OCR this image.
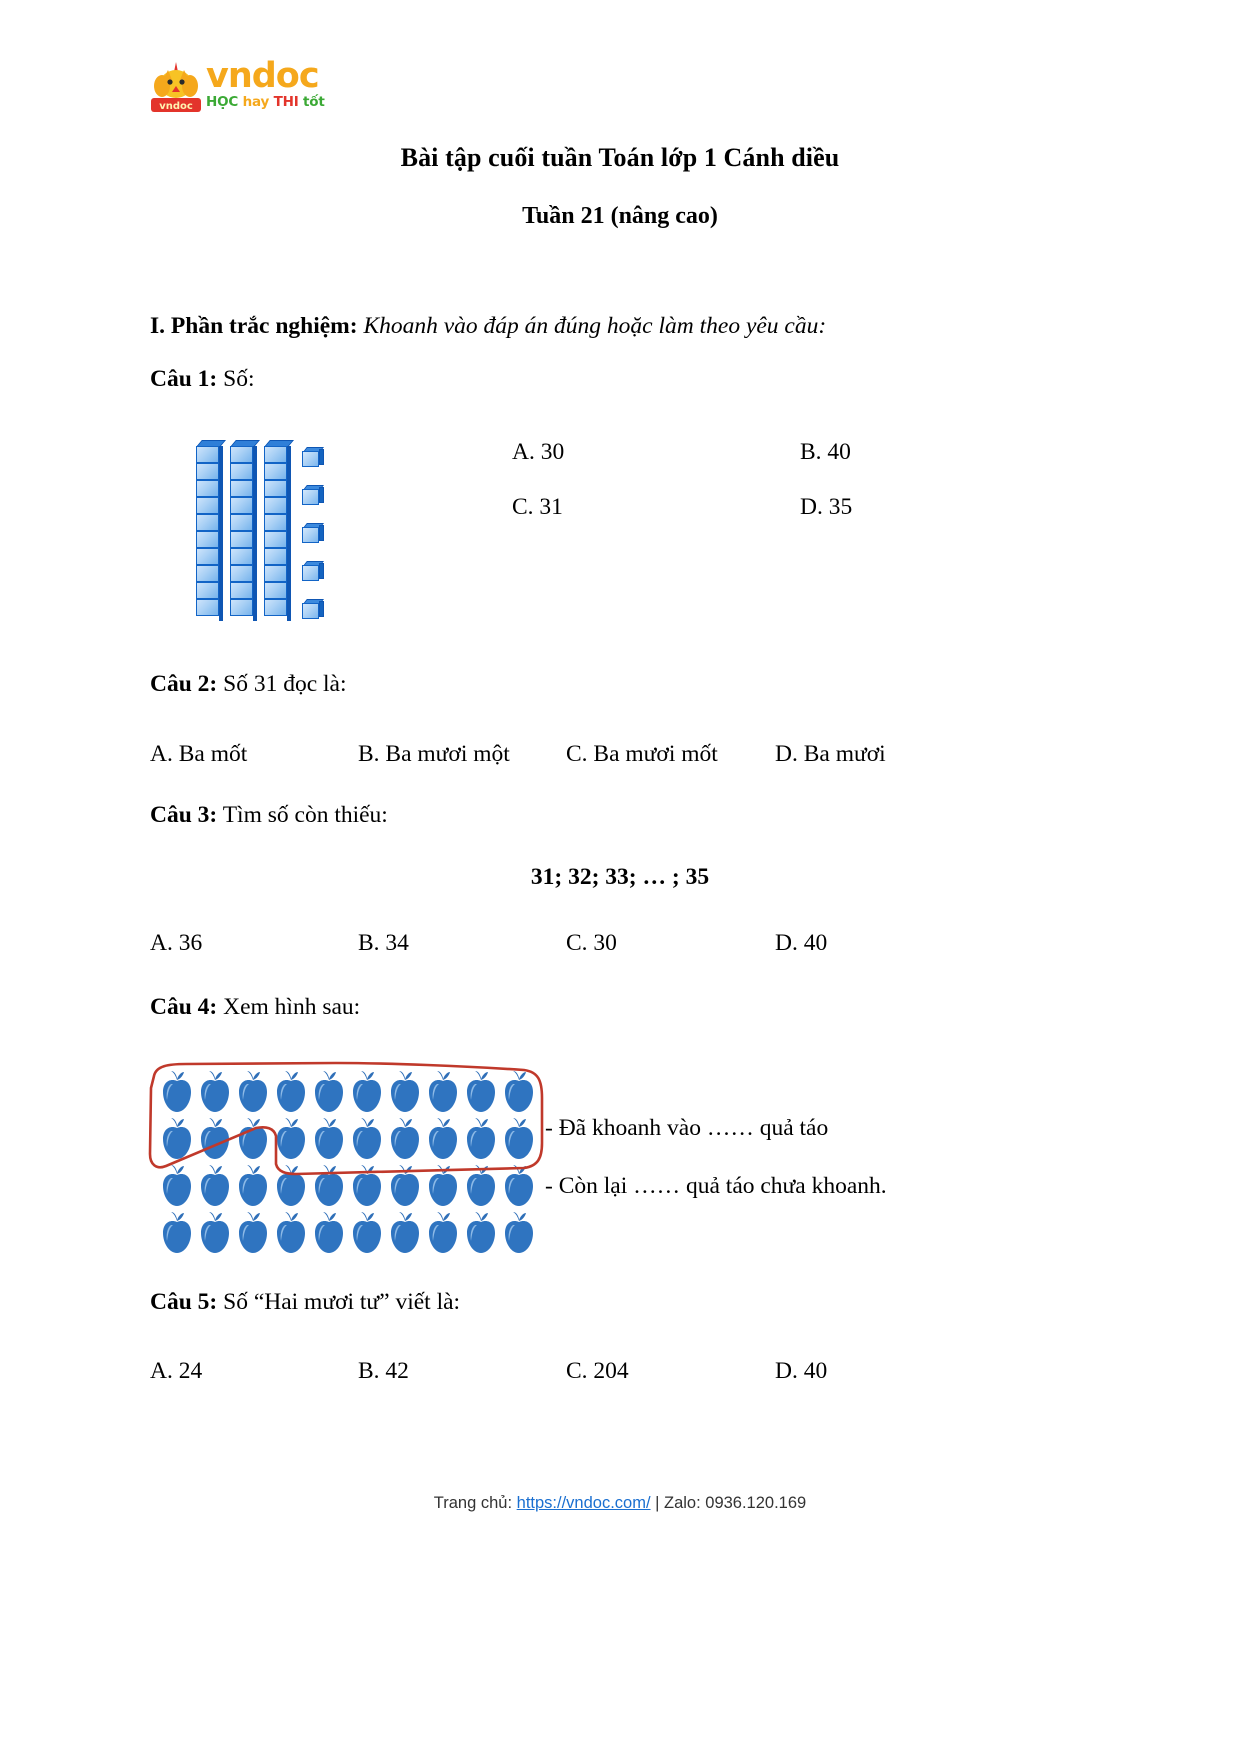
vndoc
vndoc
HỌC hay THI tốt
Bài tập cuối tuần Toán lớp 1 Cánh diều
Tuần 21 (nâng cao)
I. Phần trắc nghiệm: Khoanh vào đáp án đúng hoặc làm theo yêu cầu:
Câu 1: Số:
A. 30	B. 40
C. 31	D. 35
Câu 2: Số 31 đọc là:
A. Ba mốt	B. Ba mươi một C. Ba mươi mốt D. Ba mươi
Câu 3: Tìm số còn thiếu:
31; 32; 33; … ; 35
A. 36	B. 34	C. 30	D. 40
Câu 4: Xem hình sau:
- Đã khoanh vào …… quả táo
- Còn lại …… quả táo chưa khoanh.
Câu 5: Số “Hai mươi tư” viết là:
A. 24	B. 42	C. 204	D. 40
Trang chủ: https://vndoc.com/ | Zalo: 0936.120.169
